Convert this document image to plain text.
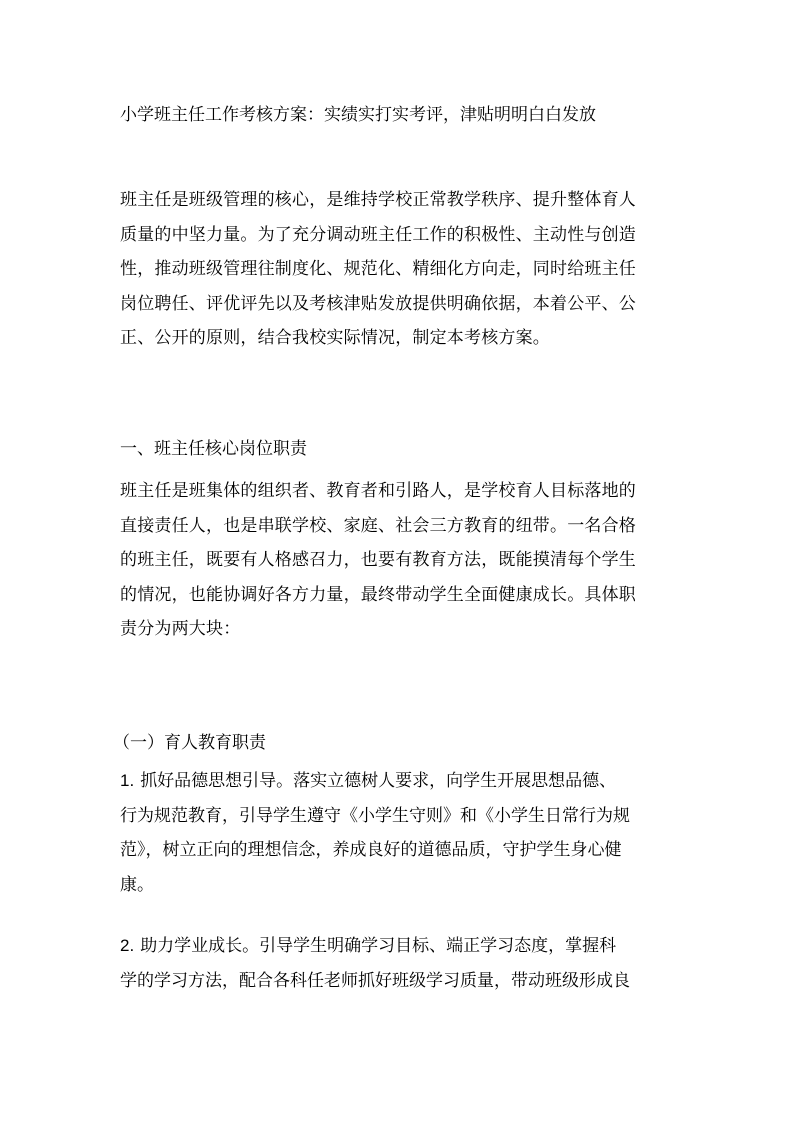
小学班主任工作考核方案：实绩实打实考评，津贴明明白白发放
班主任是班级管理的核心，是维持学校正常教学秩序、提升整体育人
质量的中坚力量。为了充分调动班主任工作的积极性、主动性与创造
性，推动班级管理往制度化、规范化、精细化方向走，同时给班主任
岗位聘任、评优评先以及考核津贴发放提供明确依据，本着公平、公
正、公开的原则，结合我校实际情况，制定本考核方案。
一、班主任核心岗位职责
班主任是班集体的组织者、教育者和引路人，是学校育人目标落地的
直接责任人，也是串联学校、家庭、社会三方教育的纽带。一名合格
的班主任，既要有人格感召力，也要有教育方法，既能摸清每个学生
的情况，也能协调好各方力量，最终带动学生全面健康成长。具体职
责分为两大块：
（一）育人教育职责
1. 抓好品德思想引导。落实立德树人要求，向学生开展思想品德、
行为规范教育，引导学生遵守《小学生守则》和《小学生日常行为规
范》，树立正向的理想信念，养成良好的道德品质，守护学生身心健
康。
2. 助力学业成长。引导学生明确学习目标、端正学习态度，掌握科
学的学习方法，配合各科任老师抓好班级学习质量，带动班级形成良
